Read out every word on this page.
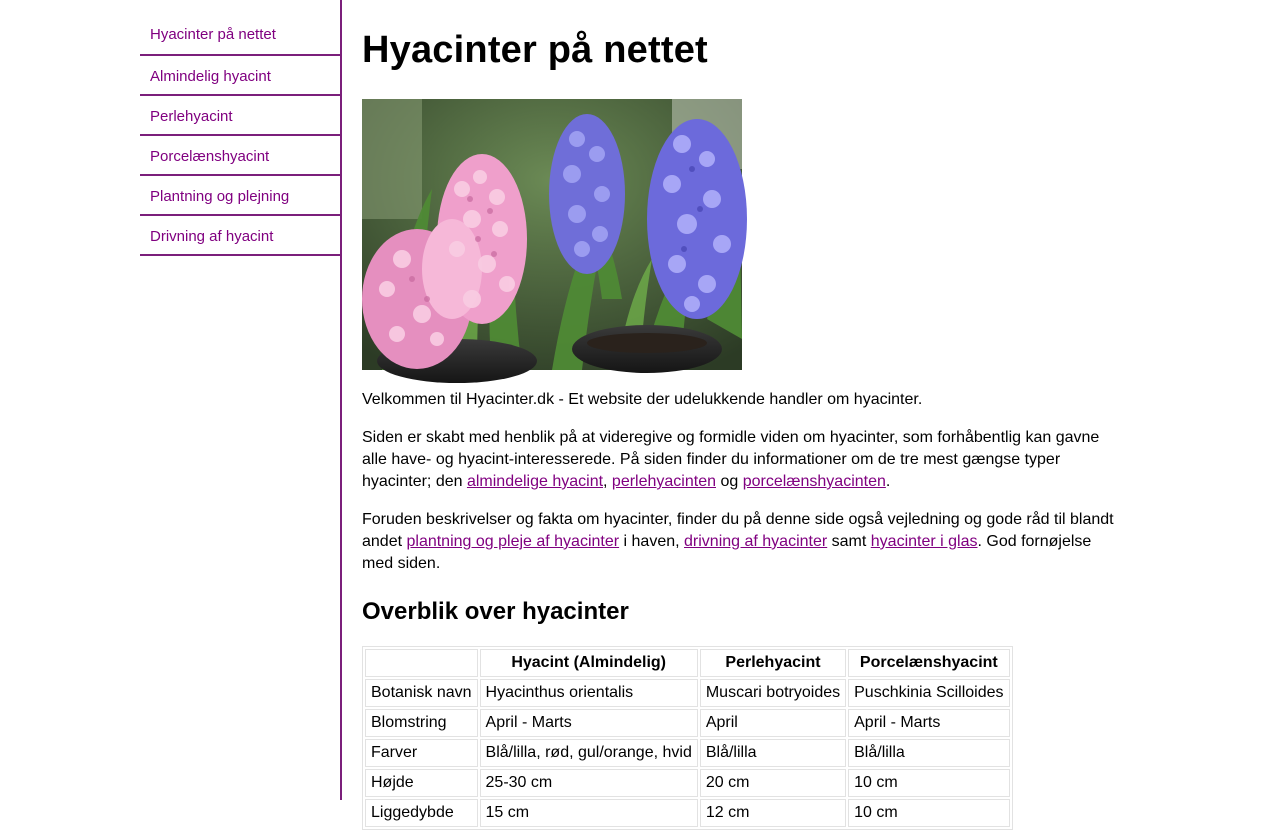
Hyacinter på nettet
Almindelig hyacint
Perlehyacint
Porcelænshyacint
Plantning og plejning
Drivning af hyacint
Hyacinter på nettet

Velkommen til Hyacinter.dk - Et website der udelukkende handler om hyacinter.

Siden er skabt med henblik på at videregive og formidle viden om hyacinter, som forhåbentlig kan gavne alle have- og hyacint-interesserede. På siden finder du informationer om de tre mest gængse typer hyacinter; den almindelige hyacint, perlehyacinten og porcelænshyacinten.

Foruden beskrivelser og fakta om hyacinter, finder du på denne side også vejledning og gode råd til blandt andet plantning og pleje af hyacinter i haven, drivning af hyacinter samt hyacinter i glas. God fornøjelse med siden.

Overblik over hyacinter
	Hyacint (Almindelig)	Perlehyacint	Porcelænshyacint
Botanisk navn	Hyacinthus orientalis	Muscari botryoides	Puschkinia Scilloides
Blomstring	April - Marts	April	April - Marts
Farver	Blå/lilla, rød, gul/orange, hvid	Blå/lilla	Blå/lilla
Højde	25-30 cm	20 cm	10 cm
Liggedybde	15 cm	12 cm	10 cm
